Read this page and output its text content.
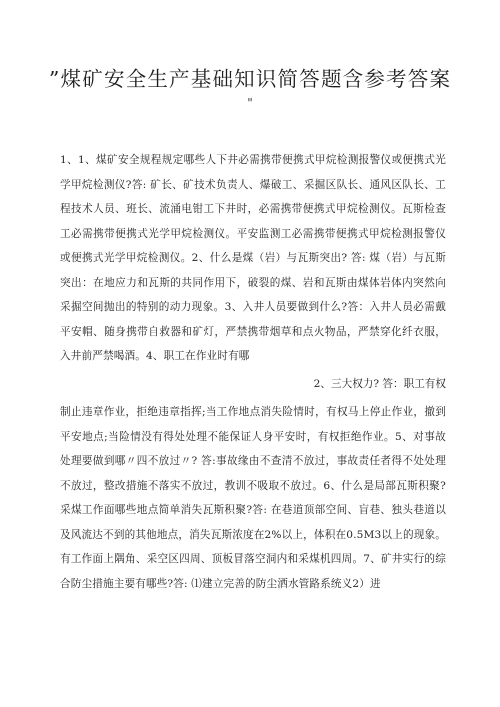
”煤矿安全生产基础知识简答题含参考答案
"

1、1、煤矿安全规程规定哪些人下井必需携带便携式甲烷检测报警仪或便携式光学甲烷检测仪?答: 矿长、矿技术负责人、爆破工、采掘区队长、通风区队长、工程技术人员、班长、流涌电钳工下井时，必需携带便携式甲烷检测仪。瓦斯检查工必需携带便携式光学甲烷检测仪。平安监测工必需携带便携式甲烷检测报警仪或便携式光学甲烷检测仪。2、什么是煤（岩）与瓦斯突出? 答: 煤（岩）与瓦斯突出：在地应力和瓦斯的共同作用下，破裂的煤、岩和瓦斯由煤体岩体内突然向采掘空间抛出的特别的动力现象。3、入井人员要做到什么?答：入井人员必需戴平安帽、随身携带自救器和矿灯，严禁携带烟草和点火物品，严禁穿化纤衣服，入井前严禁喝酒。4、职工在作业时有哪

2、三大权力? 答：职工有权

制止违章作业，拒绝违章指挥;当工作地点消失险情时，有权马上停止作业，撤到平安地点;当险情没有得处处理不能保证人身平安时，有权拒绝作业。5、对事故处理要做到哪〃四不放过〃? 答:事故缘由不查清不放过，事故责任者得不处处理不放过，整改措施不落实不放过，教训不吸取不放过。6、什么是局部瓦斯积聚?采煤工作面哪些地点简单消失瓦斯积聚?答: 在巷道顶部空间、盲巷、独头巷道以及风流达不到的其他地点，消失瓦斯浓度在2%以上，体积在0.5M3以上的现象。有工作面上隅角、采空区四周、顶板冒落空洞内和采煤机四周。7、矿井实行的综合防尘措施主要有哪些?答: ⑴建立完善的防尘洒水管路系统义2）进
